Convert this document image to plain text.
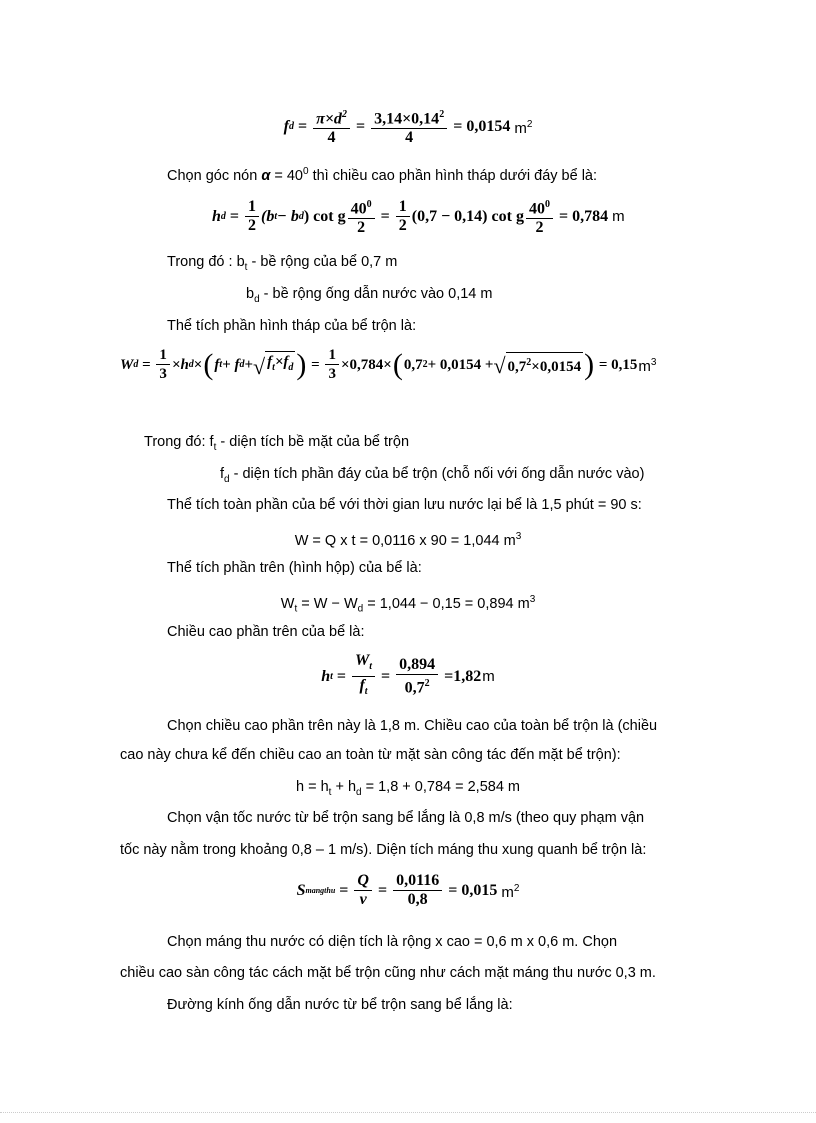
f $d = \frac{\pi\times d^2}{4} = \frac{3,14\times 0,14^2}{4} = 0,0154$ $m^2$
Chọn góc nón $\alpha = 40^0$ thì chiều cao phần hình tháp dưới đáy bể là:
h $d = \frac{1}{2} (b$ t − b d ) cot g $\frac{40^0}{2} = \frac{1}{2} (0,7 - 0,14)$ cot g $\frac{40^0}{2} = 0,784$ m
Trong đó : $b_t$ - bề rộng của bể 0,7 m
$b_d$ - bề rộng ống dẫn nước vào 0,14 m
Thể tích phần hình tháp của bể trộn là:
W $d = \frac{1}{3} \times h$ d × ( f t + f d + √ $f_t\times f_d$ ) = $\frac{1}{3} \times 0,784\times$ ( 0,7 2 + 0,0154 + √ $0,7^2\times 0,0154$ ) = 0,15 $m^3$
Trong đó: $f_t$ - diện tích bề mặt của bể trộn
$f_d$ - diện tích phần đáy của bể trộn (chỗ nối với ống dẫn nước vào)
Thể tích toàn phần của bể với thời gian lưu nước lại bể là 1,5 phút = 90 s:
W = Q x t = 0,0116 x 90 = 1,044 $m^3$
Thể tích phần trên (hình hộp) của bể là:
$W_t = W - W_d = 1,044 - 0,15 = 0,894$ $m^3$
Chiều cao phần trên của bể là:
h $t = \frac{W_t}{f_t} = \frac{0,894}{0,7^2} = 1,82$ m
Chọn chiều cao phần trên này là 1,8 m. Chiều cao của toàn bể trộn là (chiều
cao này chưa kể đến chiều cao an toàn từ mặt sàn công tác đến mặt bể trộn):
$h = h_t + h_d = 1,8 + 0,784 = 2,584$ m
Chọn vận tốc nước từ bể trộn sang bể lắng là 0,8 m/s (theo quy phạm vận
tốc này nằm trong khoảng 0,8 – 1 m/s). Diện tích máng thu xung quanh bể trộn là:
S mangthu = $\frac{Q}{v} = \frac{0,0116}{0,8} = 0,015$ $m^2$
Chọn máng thu nước có diện tích là rộng x cao = 0,6 m x 0,6 m. Chọn
chiều cao sàn công tác cách mặt bể trộn cũng như cách mặt máng thu nước 0,3 m.
Đường kính ống dẫn nước từ bể trộn sang bể lắng là:
